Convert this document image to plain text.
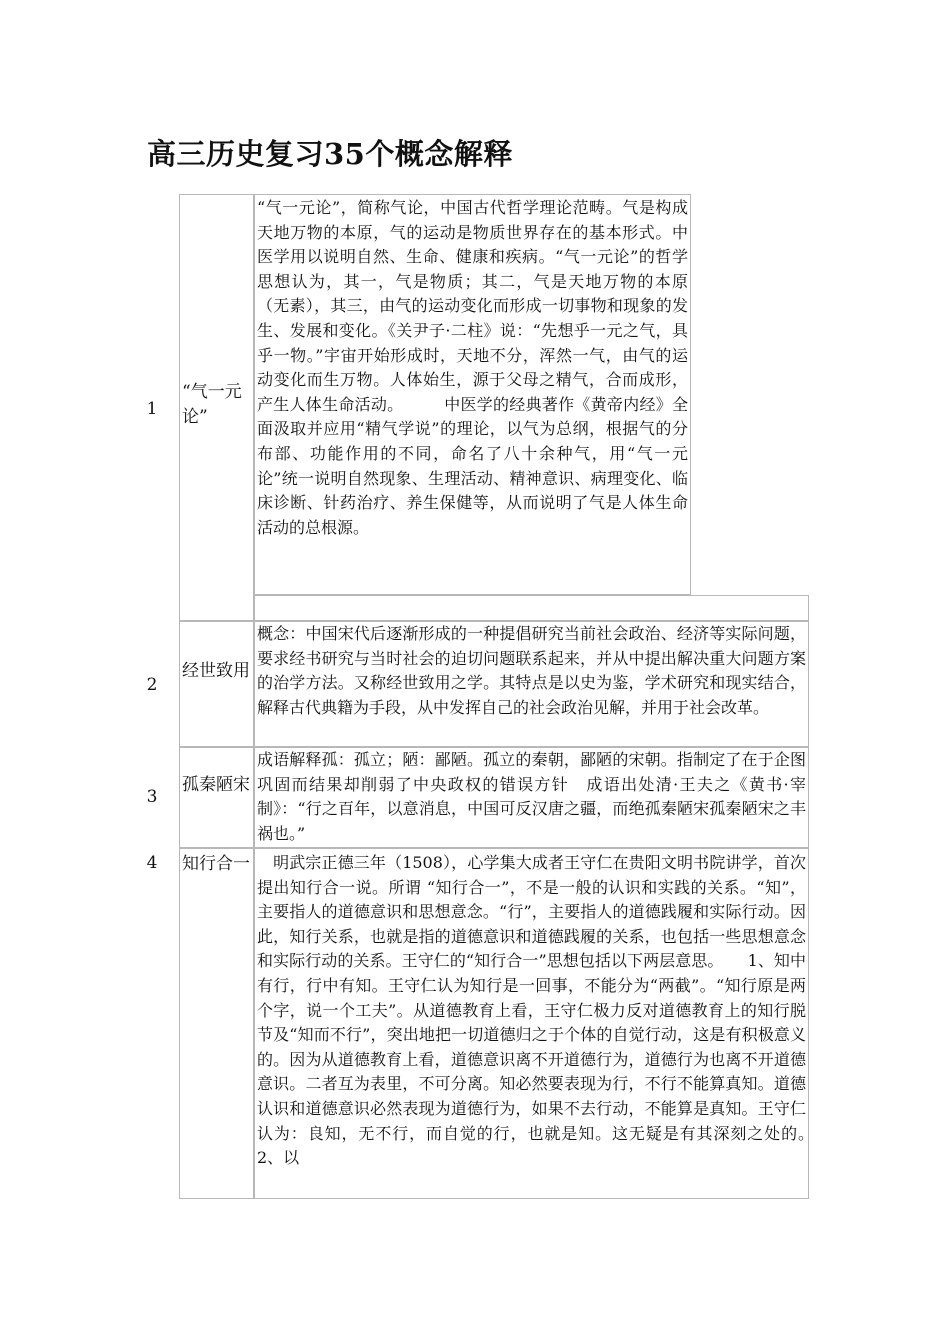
高三历史复习35个概念解释
1
“气一元论”
“气一元论”，简称气论，中国古代哲学理论范畴。气是构成天地万物的本原，气的运动是物质世界存在的基本形式。中医学用以说明自然、生命、健康和疾病。“气一元论”的哲学思想认为，其一，气是物质；其二，气是天地万物的本原（无素），其三，由气的运动变化而形成一切事物和现象的发生、发展和变化。《关尹子·二柱》说：“先想乎一元之气，具乎一物。”宇宙开始形成时，天地不分，浑然一气，由气的运动变化而生万物。人体始生，源于父母之精气，合而成形，产生人体生命活动。　　　中医学的经典著作《黄帝内经》全面汲取并应用“精气学说”的理论，以气为总纲，根据气的分布部、功能作用的不同，命名了八十余种气，用“气一元论”统一说明自然现象、生理活动、精神意识、病理变化、临床诊断、针药治疗、养生保健等，从而说明了气是人体生命活动的总根源。
2
经世致用
概念：中国宋代后逐渐形成的一种提倡研究当前社会政治、经济等实际问题，要求经书研究与当时社会的迫切问题联系起来，并从中提出解决重大问题方案的治学方法。又称经世致用之学。其特点是以史为鉴，学术研究和现实结合，解释古代典籍为手段，从中发挥自己的社会政治见解，并用于社会改革。
3
孤秦陋宋
成语解释孤：孤立；陋：鄙陋。孤立的秦朝，鄙陋的宋朝。指制定了在于企图巩固而结果却削弱了中央政权的错误方针　成语出处清·王夫之《黄书·宰制》：“行之百年，以意消息，中国可反汉唐之疆，而绝孤秦陋宋孤秦陋宋之丰祸也。”
4	知行合一 　明武宗正德三年（1508），心学集大成者王守仁在贵阳文明书院讲学，首次提出知行合一说。所谓 “知行合一”，不是一般的认识和实践的关系。“知”，主要指人的道德意识和思想意念。“行”，主要指人的道德践履和实际行动。因此，知行关系，也就是指的道德意识和道德践履的关系，也包括一些思想意念和实际行动的关系。王守仁的“知行合一”思想包括以下两层意思。　　1、知中有行，行中有知。王守仁认为知行是一回事，不能分为“两截”。“知行原是两个字，说一个工夫”。从道德教育上看，王守仁极力反对道德教育上的知行脱节及“知而不行”，突出地把一切道德归之于个体的自觉行动，这是有积极意义的。因为从道德教育上看，道德意识离不开道德行为，道德行为也离不开道德意识。二者互为表里，不可分离。知必然要表现为行，不行不能算真知。道德认识和道德意识必然表现为道德行为，如果不去行动，不能算是真知。王守仁认为：良知，无不行，而自觉的行，也就是知。这无疑是有其深刻之处的。　　2、以
